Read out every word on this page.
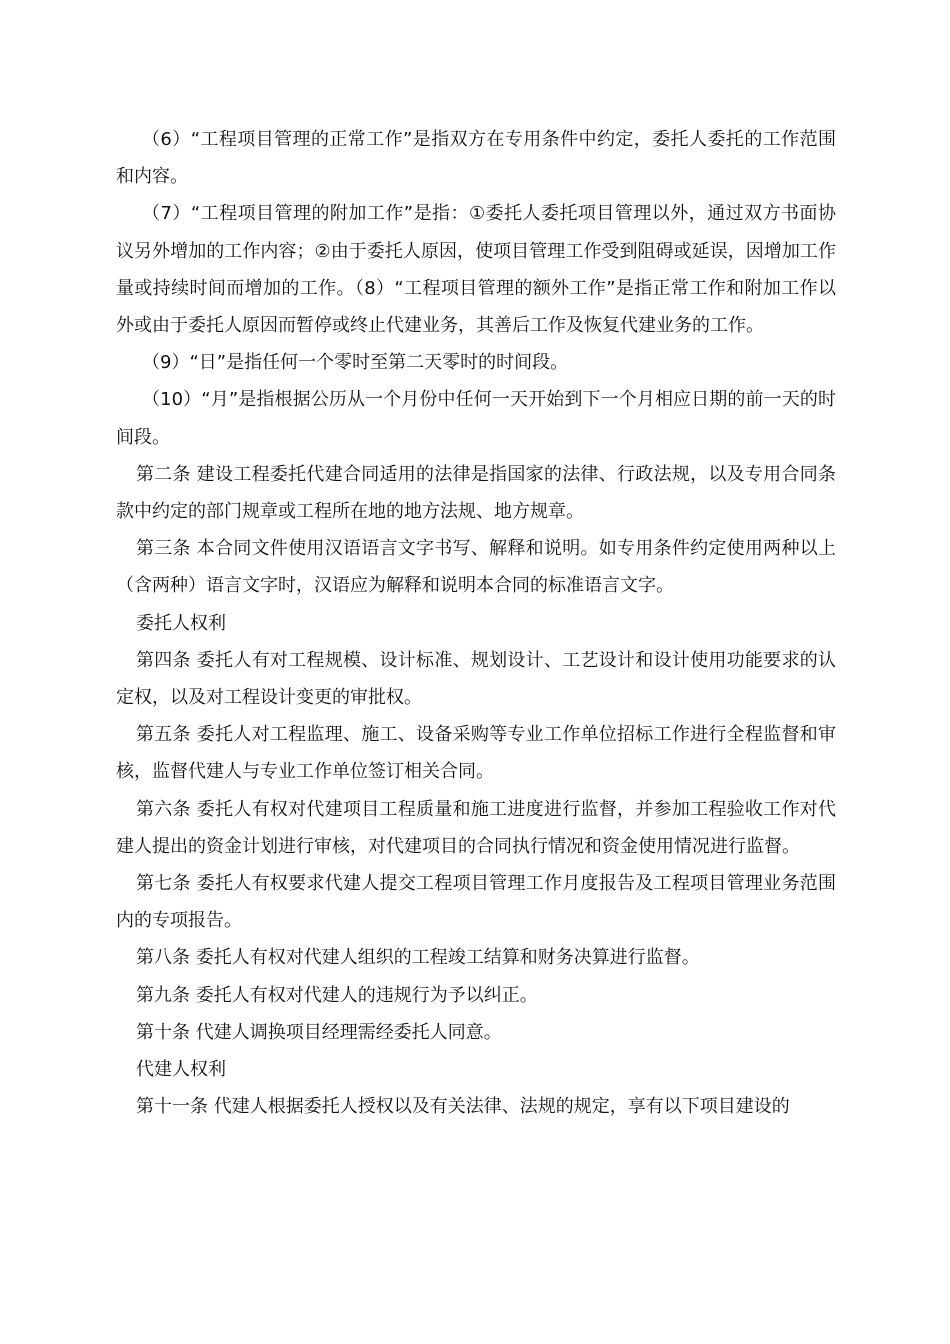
（6）“工程项目管理的正常工作”是指双方在专用条件中约定，委托人委托的工作范围和内容。

（7）“工程项目管理的附加工作”是指：①委托人委托项目管理以外，通过双方书面协议另外增加的工作内容；②由于委托人原因，使项目管理工作受到阻碍或延误，因增加工作量或持续时间而增加的工作。（8）“工程项目管理的额外工作”是指正常工作和附加工作以外或由于委托人原因而暂停或终止代建业务，其善后工作及恢复代建业务的工作。

（9）“日”是指任何一个零时至第二天零时的时间段。

（10）“月”是指根据公历从一个月份中任何一天开始到下一个月相应日期的前一天的时间段。

第二条 建设工程委托代建合同适用的法律是指国家的法律、行政法规，以及专用合同条款中约定的部门规章或工程所在地的地方法规、地方规章。

第三条 本合同文件使用汉语语言文字书写、解释和说明。如专用条件约定使用两种以上（含两种）语言文字时，汉语应为解释和说明本合同的标准语言文字。

委托人权利

第四条 委托人有对工程规模、设计标准、规划设计、工艺设计和设计使用功能要求的认定权，以及对工程设计变更的审批权。

第五条 委托人对工程监理、施工、设备采购等专业工作单位招标工作进行全程监督和审核，监督代建人与专业工作单位签订相关合同。

第六条 委托人有权对代建项目工程质量和施工进度进行监督，并参加工程验收工作对代建人提出的资金计划进行审核，对代建项目的合同执行情况和资金使用情况进行监督。

第七条 委托人有权要求代建人提交工程项目管理工作月度报告及工程项目管理业务范围内的专项报告。

第八条 委托人有权对代建人组织的工程竣工结算和财务决算进行监督。

第九条 委托人有权对代建人的违规行为予以纠正。

第十条 代建人调换项目经理需经委托人同意。

代建人权利

第十一条 代建人根据委托人授权以及有关法律、法规的规定，享有以下项目建设的
